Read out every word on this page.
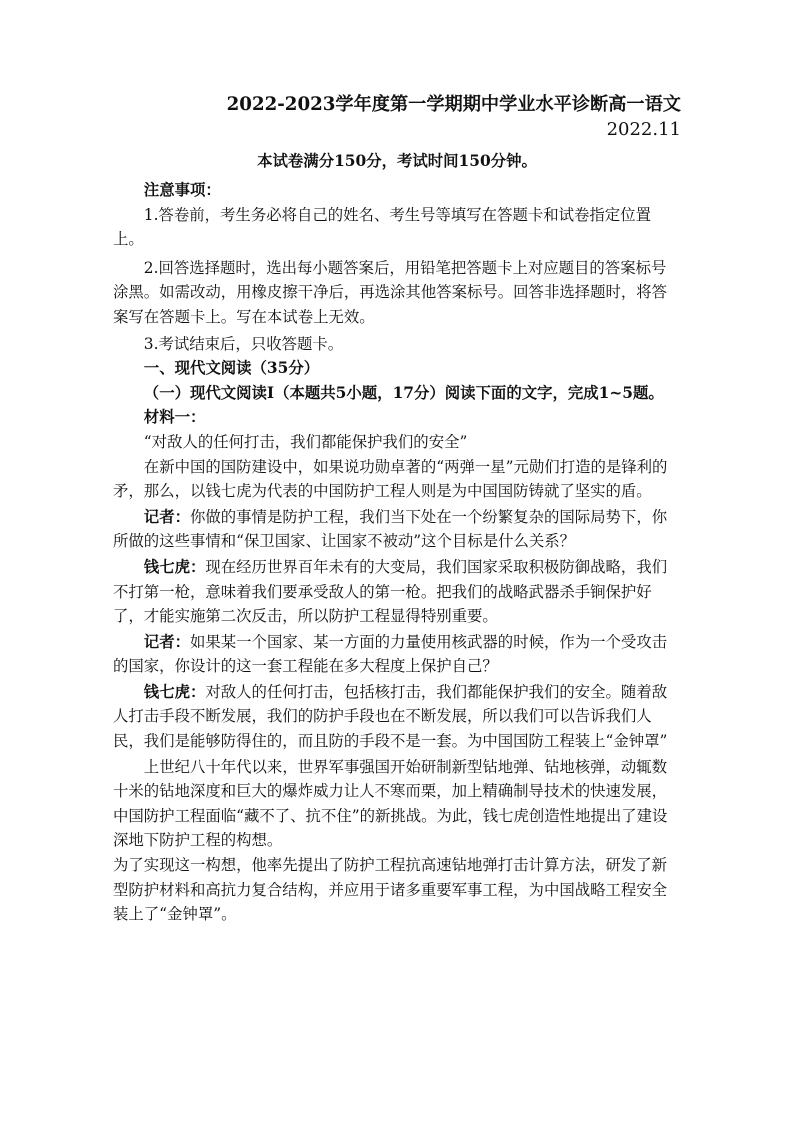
2022-2023学年度第一学期期中学业水平诊断高一语文
2022.11
本试卷满分150分，考试时间150分钟。

注意事项：

1.答卷前，考生务必将自己的姓名、考生号等填写在答题卡和试卷指定位置上。

2.回答选择题时，选出每小题答案后，用铅笔把答题卡上对应题目的答案标号涂黑。如需改动，用橡皮擦干净后，再选涂其他答案标号。回答非选择题时，将答案写在答题卡上。写在本试卷上无效。

3.考试结束后，只收答题卡。

一、现代文阅读（35分）

（一）现代文阅读I（本题共5小题，17分）阅读下面的文字，完成1~5题。

材料一：

“对敌人的任何打击，我们都能保护我们的安全”

在新中国的国防建设中，如果说功勋卓著的“两弹一星”元勋们打造的是锋利的矛，那么，以钱七虎为代表的中国防护工程人则是为中国国防铸就了坚实的盾。

记者：你做的事情是防护工程，我们当下处在一个纷繁复杂的国际局势下，你所做的这些事情和“保卫国家、让国家不被动”这个目标是什么关系？

钱七虎：现在经历世界百年未有的大变局，我们国家采取积极防御战略，我们不打第一枪，意味着我们要承受敌人的第一枪。把我们的战略武器杀手锏保护好了，才能实施第二次反击，所以防护工程显得特别重要。

记者：如果某一个国家、某一方面的力量使用核武器的时候，作为一个受攻击的国家，你设计的这一套工程能在多大程度上保护自己？

钱七虎：对敌人的任何打击，包括核打击，我们都能保护我们的安全。随着敌人打击手段不断发展，我们的防护手段也在不断发展，所以我们可以告诉我们人民，我们是能够防得住的，而且防的手段不是一套。为中国国防工程装上“金钟罩”

上世纪八十年代以来，世界军事强国开始研制新型钻地弹、钻地核弹，动辄数十米的钻地深度和巨大的爆炸威力让人不寒而栗，加上精确制导技术的快速发展，中国防护工程面临“藏不了、抗不住”的新挑战。为此，钱七虎创造性地提出了建设深地下防护工程的构想。

为了实现这一构想，他率先提出了防护工程抗高速钻地弹打击计算方法，研发了新型防护材料和高抗力复合结构，并应用于诸多重要军事工程，为中国战略工程安全装上了“金钟罩”。
